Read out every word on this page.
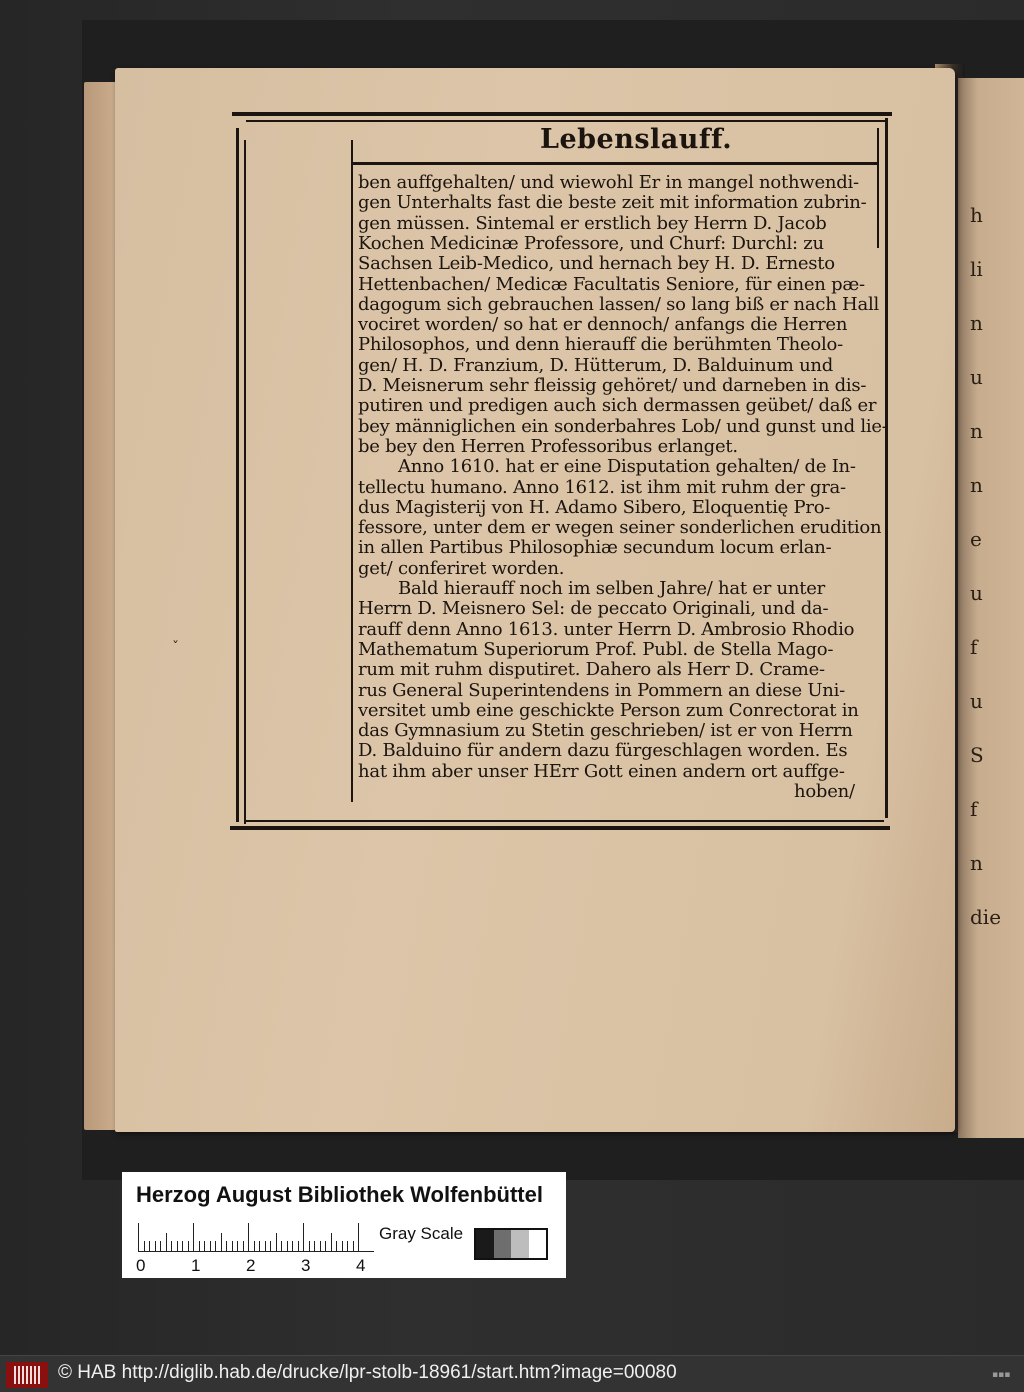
h
li
n
u
n
n
e
u
f
u
S
f
n
die
Lebenslauff.
ben auffgehalten/ und wiewohl Er in mangel nothwendi-
gen Unterhalts fast die beste zeit mit information zubrin-
gen müssen. Sintemal er erstlich bey Herrn D. Jacob
Kochen Medicinæ Professore, und Churf: Durchl: zu
Sachsen Leib-Medico, und hernach bey H. D. Ernesto
Hettenbachen/ Medicæ Facultatis Seniore, für einen pæ-
dagogum sich gebrauchen lassen/ so lang biß er nach Hall
vociret worden/ so hat er dennoch/ anfangs die Herren
Philosophos, und denn hierauff die berühmten Theolo-
gen/ H. D. Franzium, D. Hütterum, D. Balduinum und
D. Meisnerum sehr fleissig gehöret/ und darneben in dis-
putiren und predigen auch sich dermassen geübet/ daß er
bey männiglichen ein sonderbahres Lob/ und gunst und lie-
be bey den Herren Professoribus erlanget.
Anno 1610. hat er eine Disputation gehalten/ de In-
tellectu humano. Anno 1612. ist ihm mit ruhm der gra-
dus Magisterij von H. Adamo Sibero, Eloquentię Pro-
fessore, unter dem er wegen seiner sonderlichen erudition
in allen Partibus Philosophiæ secundum locum erlan-
get/ conferiret worden.
Bald hierauff noch im selben Jahre/ hat er unter
Herrn D. Meisnero Sel: de peccato Originali, und da-
rauff denn Anno 1613. unter Herrn D. Ambrosio Rhodio
Mathematum Superiorum Prof. Publ. de Stella Mago-
rum mit ruhm disputiret. Dahero als Herr D. Crame-
rus General Superintendens in Pommern an diese Uni-
versitet umb eine geschickte Person zum Conrectorat in
das Gymnasium zu Stetin geschrieben/ ist er von Herrn
D. Balduino für andern dazu fürgeschlagen worden. Es
hat ihm aber unser HErr Gott einen andern ort auffge-
hoben/
ˇ
Herzog August Bibliothek Wolfenbüttel
0	1	2	3	4
Gray Scale
© HAB http://diglib.hab.de/drucke/lpr-stolb-18961/start.htm?image=00080	▪▪▪
